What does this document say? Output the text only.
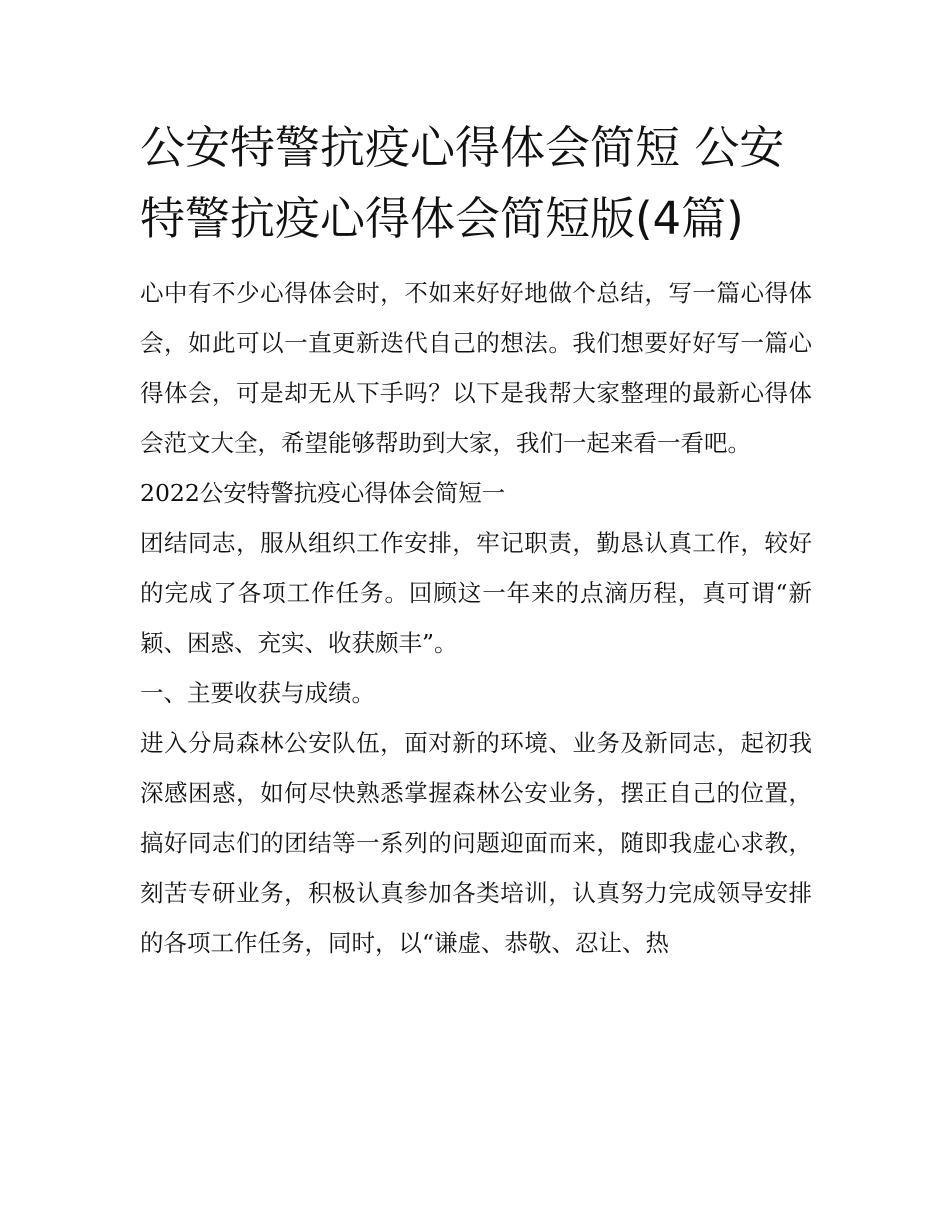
公安特警抗疫心得体会简短 公安特警抗疫心得体会简短版(4篇)

心中有不少心得体会时，不如来好好地做个总结，写一篇心得体会，如此可以一直更新迭代自己的想法。我们想要好好写一篇心得体会，可是却无从下手吗？以下是我帮大家整理的最新心得体会范文大全，希望能够帮助到大家，我们一起来看一看吧。

2022公安特警抗疫心得体会简短一

团结同志，服从组织工作安排，牢记职责，勤恳认真工作，较好的完成了各项工作任务。回顾这一年来的点滴历程，真可谓“新颖、困惑、充实、收获颇丰”。

一、主要收获与成绩。

进入分局森林公安队伍，面对新的环境、业务及新同志，起初我深感困惑，如何尽快熟悉掌握森林公安业务，摆正自己的位置，搞好同志们的团结等一系列的问题迎面而来，随即我虚心求教，刻苦专研业务，积极认真参加各类培训，认真努力完成领导安排的各项工作任务，同时，以“谦虚、恭敬、忍让、热
